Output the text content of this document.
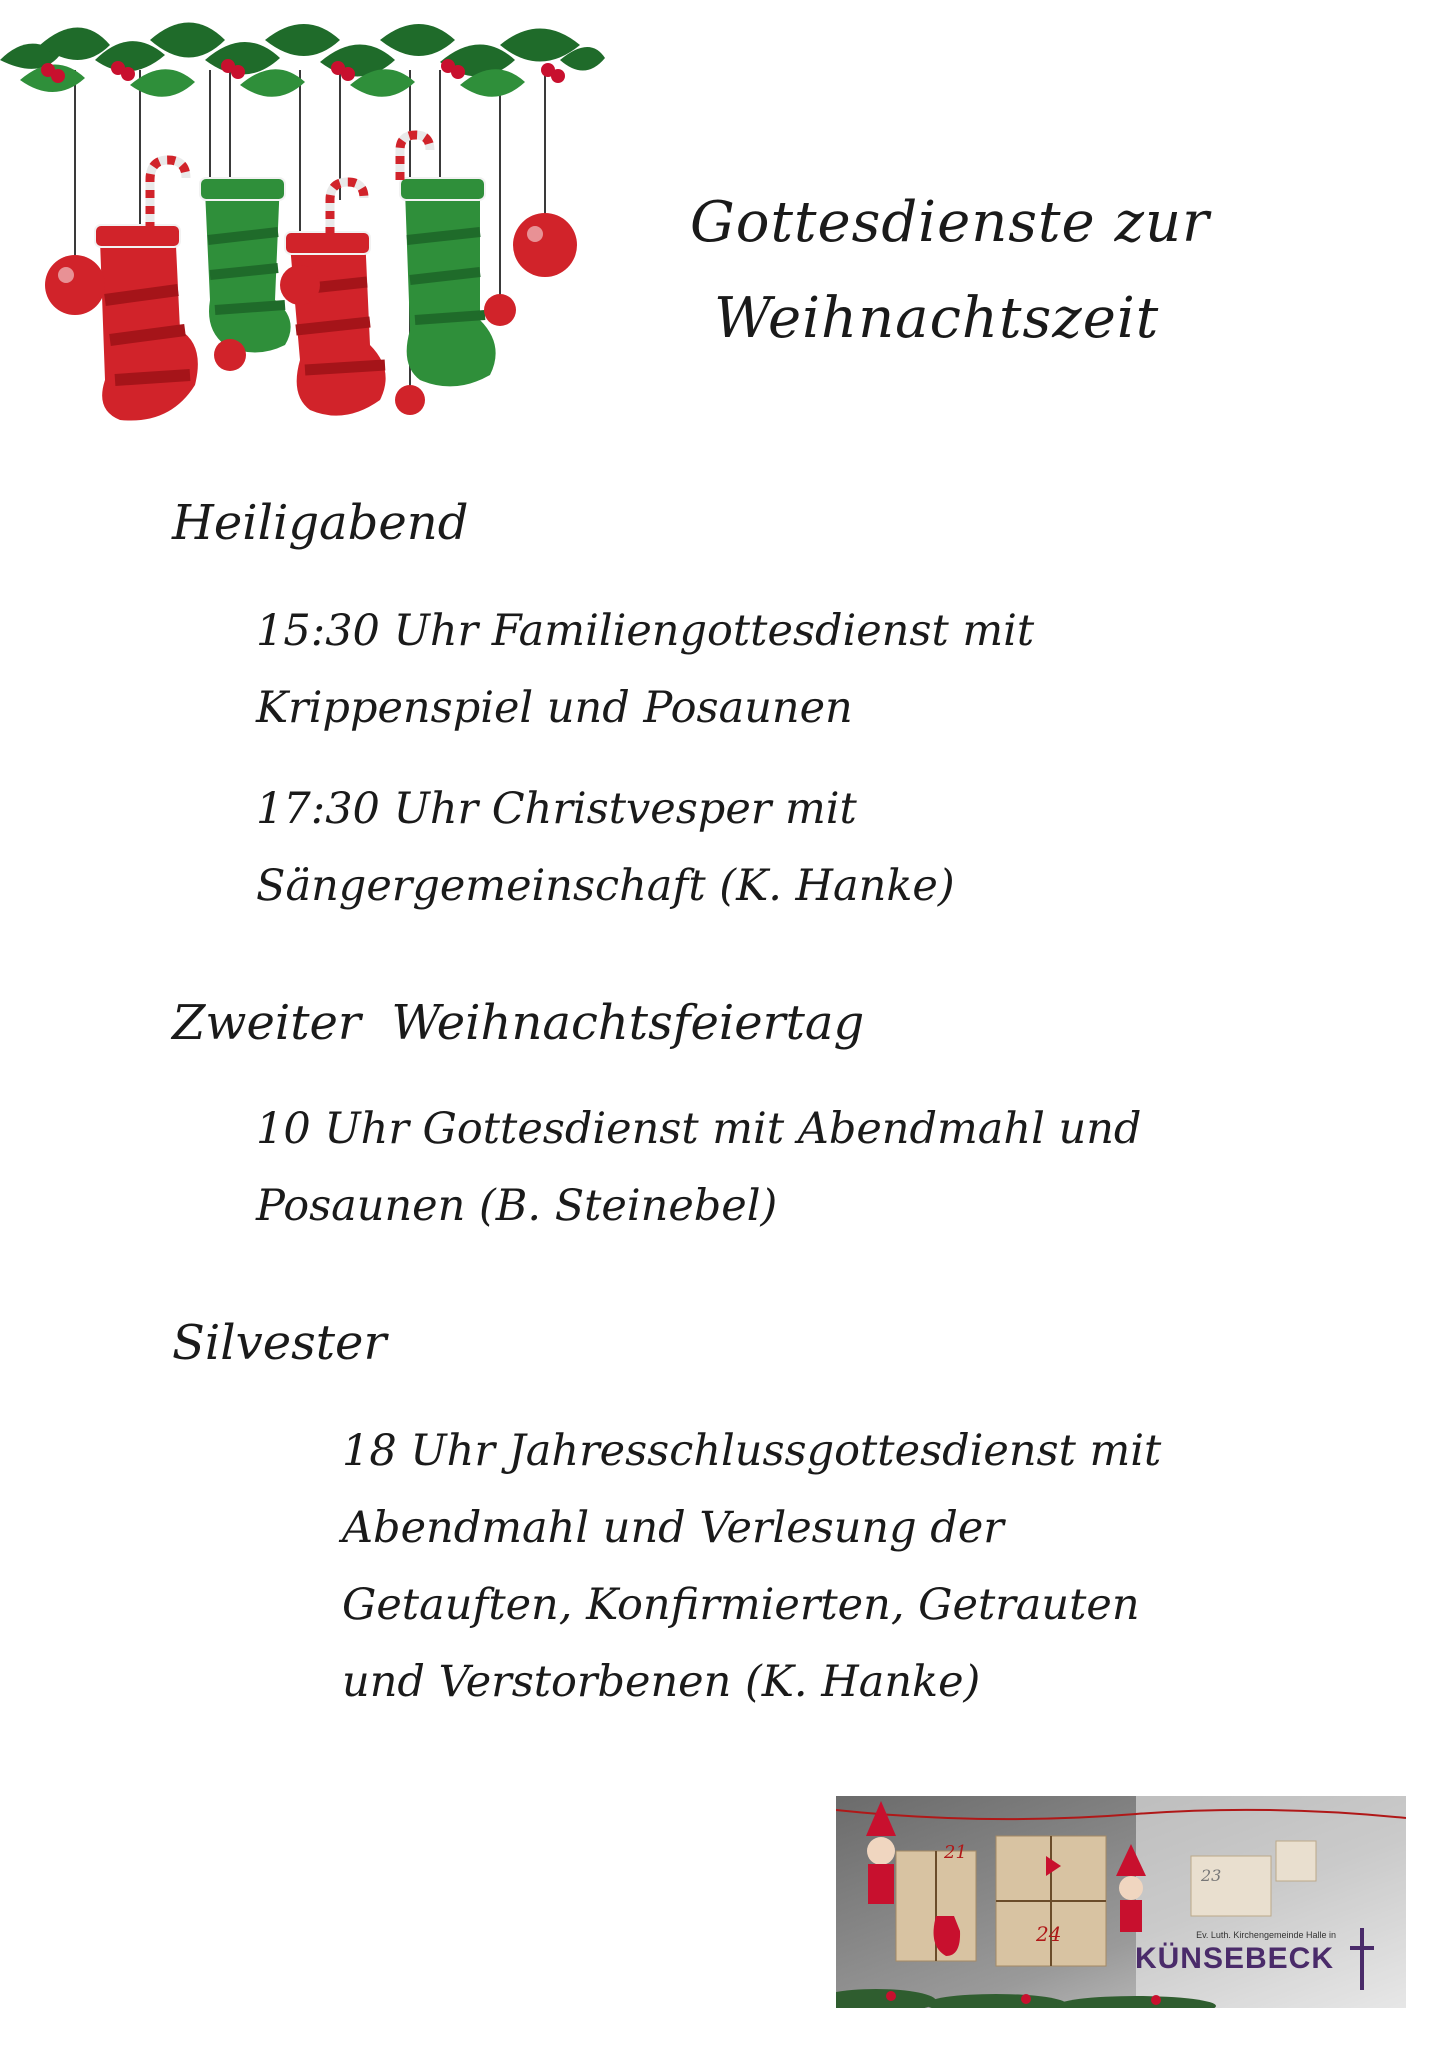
Gottesdienste zur
Weihnachtszeit
Heiligabend
15:30 Uhr Familiengottesdienst mit
Krippenspiel und Posaunen
17:30 Uhr Christvesper mit
Sängergemeinschaft (K. Hanke)
Zweiter  Weihnachtsfeiertag
10 Uhr Gottesdienst mit Abendmahl und
Posaunen (B. Steinebel)
Silvester
18 Uhr Jahresschlussgottesdienst mit
Abendmahl und Verlesung der
Getauften, Konfirmierten, Getrauten
und Verstorbenen (K. Hanke)
21
23
24	Ev. Luth. Kirchengemeinde Halle in
KÜNSEBECK
